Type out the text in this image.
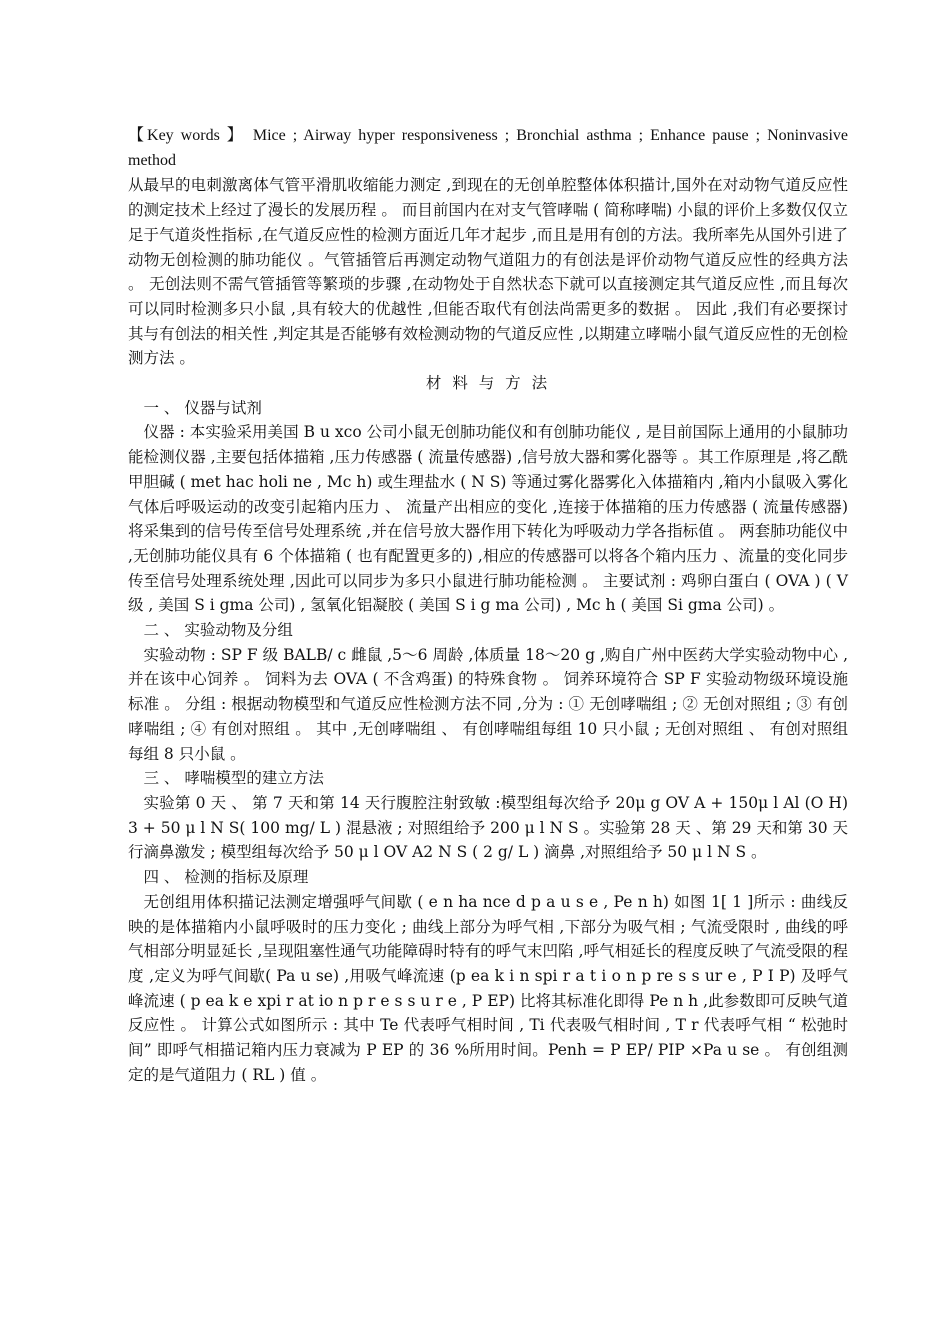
【Key words 】 Mice ; Airway hyper responsiveness ; Bronchial asthma ; Enhance pause ; Noninvasive method

从最早的电刺激离体气管平滑肌收缩能力测定 ,到现在的无创单腔整体体积描计,国外在对动物气道反应性的测定技术上经过了漫长的发展历程 。 而目前国内在对支气管哮喘 ( 简称哮喘) 小鼠的评价上多数仅仅立足于气道炎性指标 ,在气道反应性的检测方面近几年才起步 ,而且是用有创的方法。我所率先从国外引进了动物无创检测的肺功能仪 。气管插管后再测定动物气道阻力的有创法是评价动物气道反应性的经典方法 。 无创法则不需气管插管等繁琐的步骤 ,在动物处于自然状态下就可以直接测定其气道反应性 ,而且每次可以同时检测多只小鼠 ,具有较大的优越性 ,但能否取代有创法尚需更多的数据 。 因此 ,我们有必要探讨其与有创法的相关性 ,判定其是否能够有效检测动物的气道反应性 ,以期建立哮喘小鼠气道反应性的无创检测方法 。

材 料 与 方 法

一 、 仪器与试剂

仪器 : 本实验采用美国 B u xco 公司小鼠无创肺功能仪和有创肺功能仪 , 是目前国际上通用的小鼠肺功能检测仪器 ,主要包括体描箱 ,压力传感器 ( 流量传感器) ,信号放大器和雾化器等 。其工作原理是 ,将乙酰甲胆碱 ( met hac holi ne , Mc h) 或生理盐水 ( N S) 等通过雾化器雾化入体描箱内 ,箱内小鼠吸入雾化气体后呼吸运动的改变引起箱内压力 、 流量产出相应的变化 ,连接于体描箱的压力传感器 ( 流量传感器) 将采集到的信号传至信号处理系统 ,并在信号放大器作用下转化为呼吸动力学各指标值 。 两套肺功能仪中 ,无创肺功能仪具有 6 个体描箱 ( 也有配置更多的) ,相应的传感器可以将各个箱内压力 、流量的变化同步传至信号处理系统处理 ,因此可以同步为多只小鼠进行肺功能检测 。 主要试剂 : 鸡卵白蛋白 ( OVA ) ( Ⅴ 级 , 美国 S i gma 公司) , 氢氧化铝凝胶 ( 美国 S i g ma 公司) , Mc h ( 美国 Si gma 公司) 。

二 、 实验动物及分组

实验动物 : SP F 级 BALB/ c 雌鼠 ,5～6 周龄 ,体质量 18～20 g ,购自广州中医药大学实验动物中心 ,并在该中心饲养 。 饲料为去 OVA ( 不含鸡蛋) 的特殊食物 。 饲养环境符合 SP F 实验动物级环境设施标准 。 分组 : 根据动物模型和气道反应性检测方法不同 ,分为 : ① 无创哮喘组 ; ② 无创对照组 ; ③ 有创哮喘组 ; ④ 有创对照组 。 其中 ,无创哮喘组 、 有创哮喘组每组 10 只小鼠 ; 无创对照组 、 有创对照组每组 8 只小鼠 。

三 、 哮喘模型的建立方法

实验第 0 天 、 第 7 天和第 14 天行腹腔注射致敏 :模型组每次给予 20μ g OV A + 150μ l Al (O H) 3 + 50 μ l N S( 100 mg/ L ) 混悬液 ; 对照组给予 200 μ l N S 。实验第 28 天 、第 29 天和第 30 天行滴鼻激发 ; 模型组每次给予 50 μ l OV A2 N S ( 2 g/ L ) 滴鼻 ,对照组给予 50 μ l N S 。

四 、 检测的指标及原理

无创组用体积描记法测定增强呼气间歇 ( e n ha nce d p a u s e , Pe n h) 如图 1[ 1 ]所示 : 曲线反映的是体描箱内小鼠呼吸时的压力变化 ; 曲线上部分为呼气相 ,下部分为吸气相 ; 气流受限时 , 曲线的呼气相部分明显延长 ,呈现阻塞性通气功能障碍时特有的呼气末凹陷 ,呼气相延长的程度反映了气流受限的程度 ,定义为呼气间歇( Pa u se) ,用吸气峰流速 (p ea k i n spi r a t i o n p re s s ur e , P I P) 及呼气峰流速 ( p ea k e xpi r at io n p r e s s u r e , P EP) 比将其标准化即得 Pe n h ,此参数即可反映气道反应性 。 计算公式如图所示 : 其中 Te 代表呼气相时间 , Ti 代表吸气相时间 , T r 代表呼气相 “ 松弛时间” 即呼气相描记箱内压力衰减为 P EP 的 36 %所用时间。Penh = P EP/ PIP ×Pa u se 。 有创组测定的是气道阻力 ( RL ) 值 。
